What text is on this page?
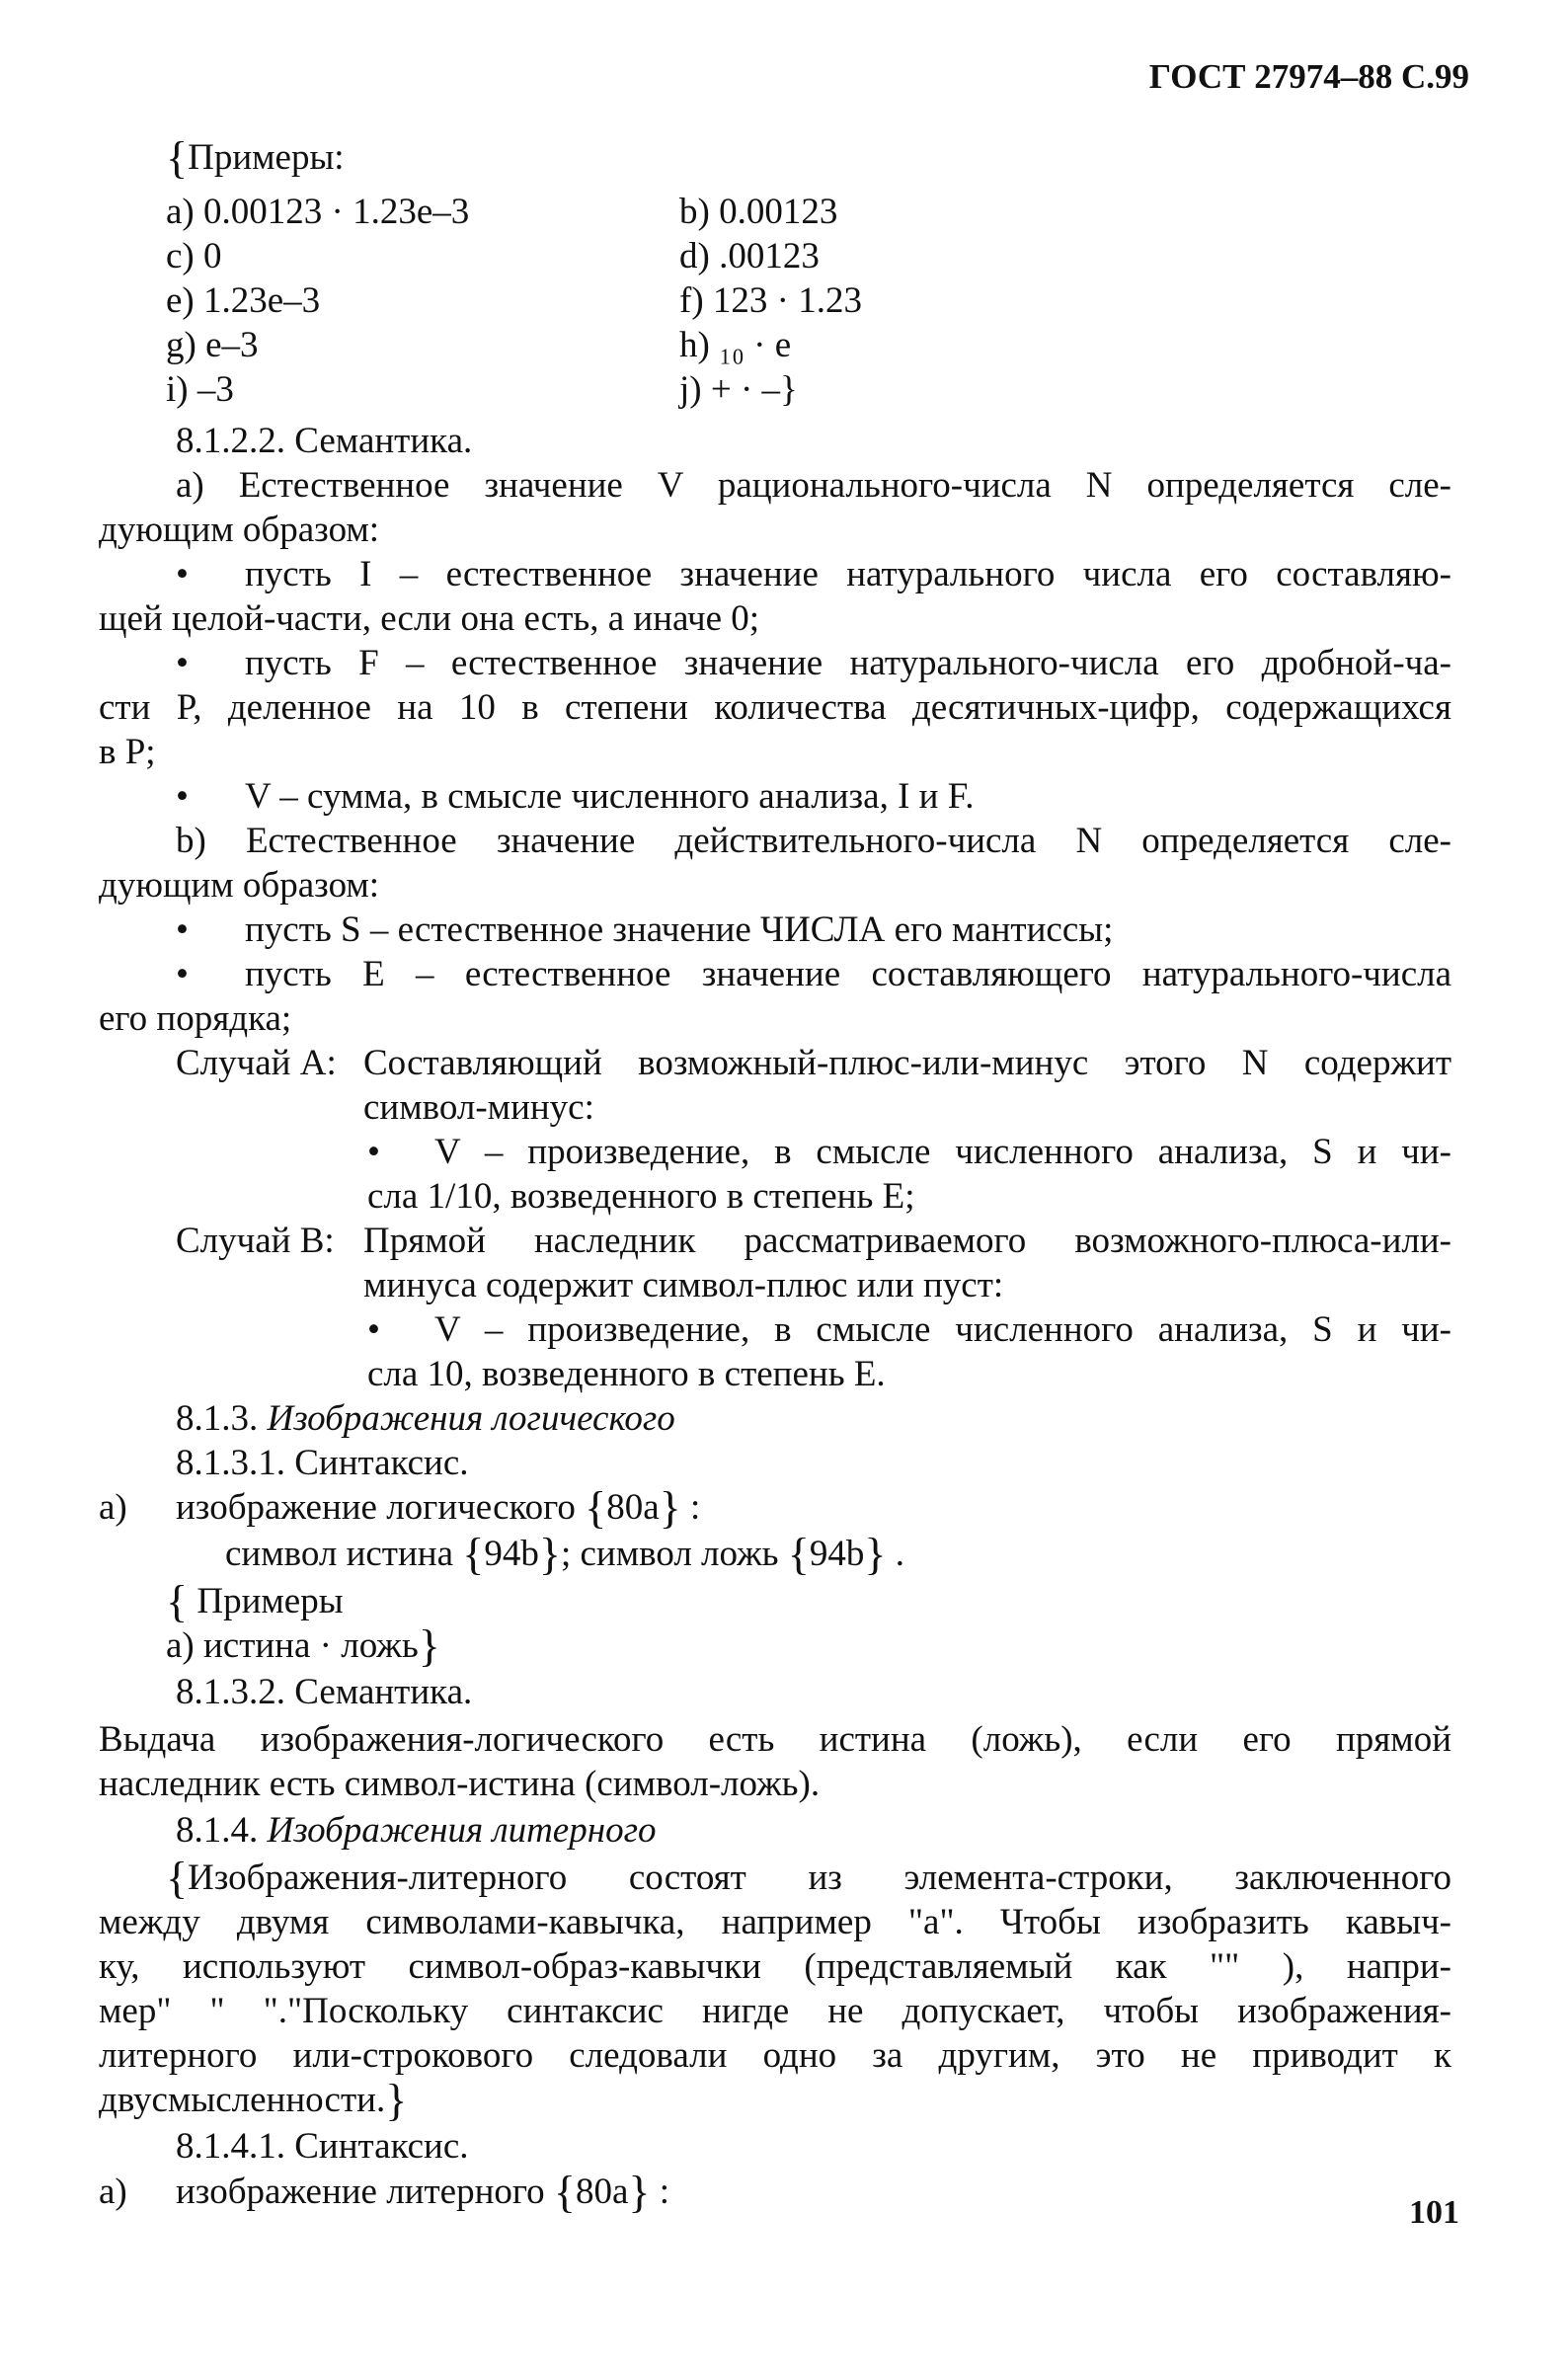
ГОСТ 27974–88 С.99
{Примеры:
a) 0.00123 · 1.23e–3
c) 0
e) 1.23e–3
g) e–3
i) –3
b) 0.00123
d) .00123
f) 123 · 1.23
h) ₁₀ · e
j) + · –}
8.1.2.2. Семантика.
а) Естественное значение V рационального-числа N определяется сле-
дующим образом:
• пусть I – естественное значение натурального числа его составляю-
щей целой-части, если она есть, а иначе 0;
• пусть F – естественное значение натурального-числа его дробной-ча-
сти P, деленное на 10 в степени количества десятичных-цифр, содержащихся
в P;
• V – сумма, в смысле численного анализа, I и F.
b) Естественное значение действительного-числа N определяется сле-
дующим образом:
• пусть S – естественное значение ЧИСЛА его мантиссы;
• пусть E – естественное значение составляющего натурального-числа
его порядка;
Случай A: Составляющий возможный-плюс-или-минус этого N содержит
символ-минус:
• V – произведение, в смысле численного анализа, S и чи-
сла 1/10, возведенного в степень E;
Случай B: Прямой наследник рассматриваемого возможного-плюса-или-
минуса содержит символ-плюс или пуст:
• V – произведение, в смысле численного анализа, S и чи-
сла 10, возведенного в степень E.
8.1.3. Изображения логического
8.1.3.1. Синтаксис.
а) изображение логического {80a} :
символ истина {94b}; символ ложь {94b} .
{ Примеры
а) истина · ложь}
8.1.3.2. Семантика.
Выдача изображения-логического есть истина (ложь), если его прямой
наследник есть символ-истина (символ-ложь).
8.1.4. Изображения литерного
{ Изображения-литерного состоят из элемента-строки, заключенного
между двумя символами-кавычка, например "a". Чтобы изобразить кавыч-
ку, используют символ-образ-кавычки (представляемый как "" ), напри-
мер" " "."Поскольку синтаксис нигде не допускает, чтобы изображения-
литерного или-строкового следовали одно за другим, это не приводит к
двусмысленности.}
8.1.4.1. Синтаксис.
а) изображение литерного {80a} :
101
